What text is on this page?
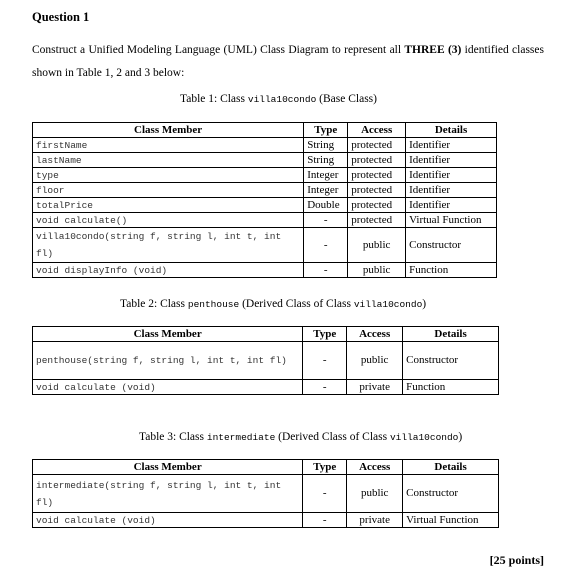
Question 1
Construct a Unified Modeling Language (UML) Class Diagram to represent all THREE (3) identified classes shown in Table 1, 2 and 3 below:
Table 1: Class villa10condo (Base Class)
Class Member	Type	Access	Details
firstName	String	protected	Identifier
lastName	String	protected	Identifier
type	Integer	protected	Identifier
floor	Integer	protected	Identifier
totalPrice	Double	protected	Identifier
void calculate()	-	protected	Virtual Function
villa10condo(string f, string l, int t, int fl)	-	public	Constructor
void displayInfo (void)	-	public	Function
Table 2: Class penthouse (Derived Class of Class villa10condo)
Class Member	Type	Access	Details
penthouse(string f, string l, int t, int fl)	-	public	Constructor
void calculate (void)	-	private	Function
Table 3: Class intermediate (Derived Class of Class villa10condo)
Class Member	Type	Access	Details
intermediate(string f, string l, int t, int fl)	-	public	Constructor
void calculate (void)	-	private	Virtual Function
[25 points]
